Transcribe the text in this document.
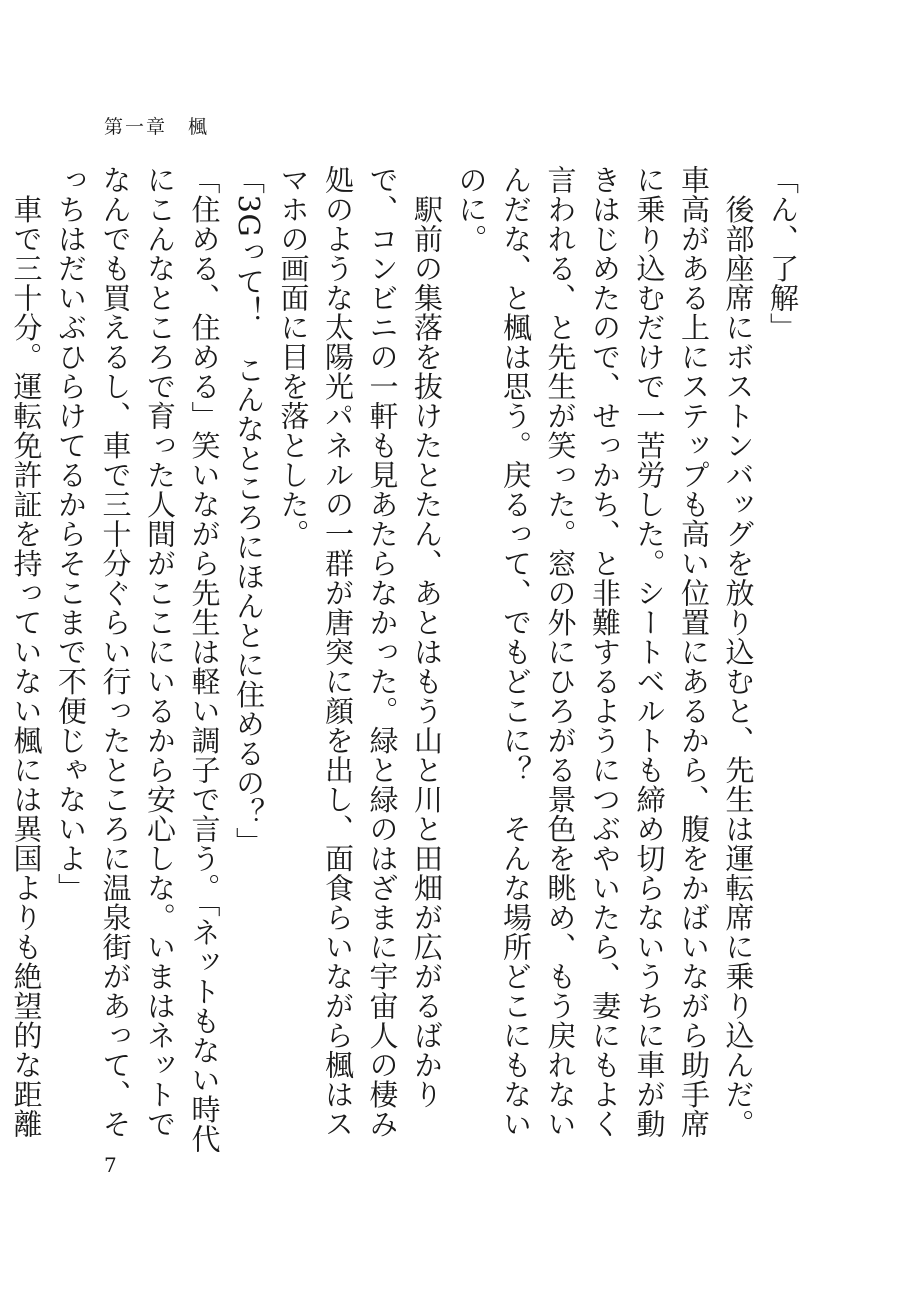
第一章　楓

「ん、了解」

　後部座席にボストンバッグを放り込むと、先生は運転席に乗り込んだ。車高がある上にステップも高い位置にあるから、腹をかばいながら助手席に乗り込むだけで一苦労した。シートベルトも締め切らないうちに車が動きはじめたので、せっかち、と非難するようにつぶやいたら、妻にもよく言われる、と先生が笑った。窓の外にひろがる景色を眺め、もう戻れないんだな、と楓は思う。戻るって、でもどこに？　そんな場所どこにもないのに。

　駅前の集落を抜けたとたん、あとはもう山と川と田畑が広がるばかりで、コンビニの一軒も見あたらなかった。緑と緑のはざまに宇宙人の棲み処のような太陽光パネルの一群が唐突に顔を出し、面食らいながら楓はスマホの画面に目を落とした。

「3Gって！　こんなところにほんとに住めるの？」

「住める、住める」笑いながら先生は軽い調子で言う。「ネットもない時代にこんなところで育った人間がここにいるから安心しな。いまはネットでなんでも買えるし、車で三十分ぐらい行ったところに温泉街があって、そっちはだいぶひらけてるからそこまで不便じゃないよ」

　車で三十分。運転免許証を持っていない楓には異国よりも絶望的な距離

7
